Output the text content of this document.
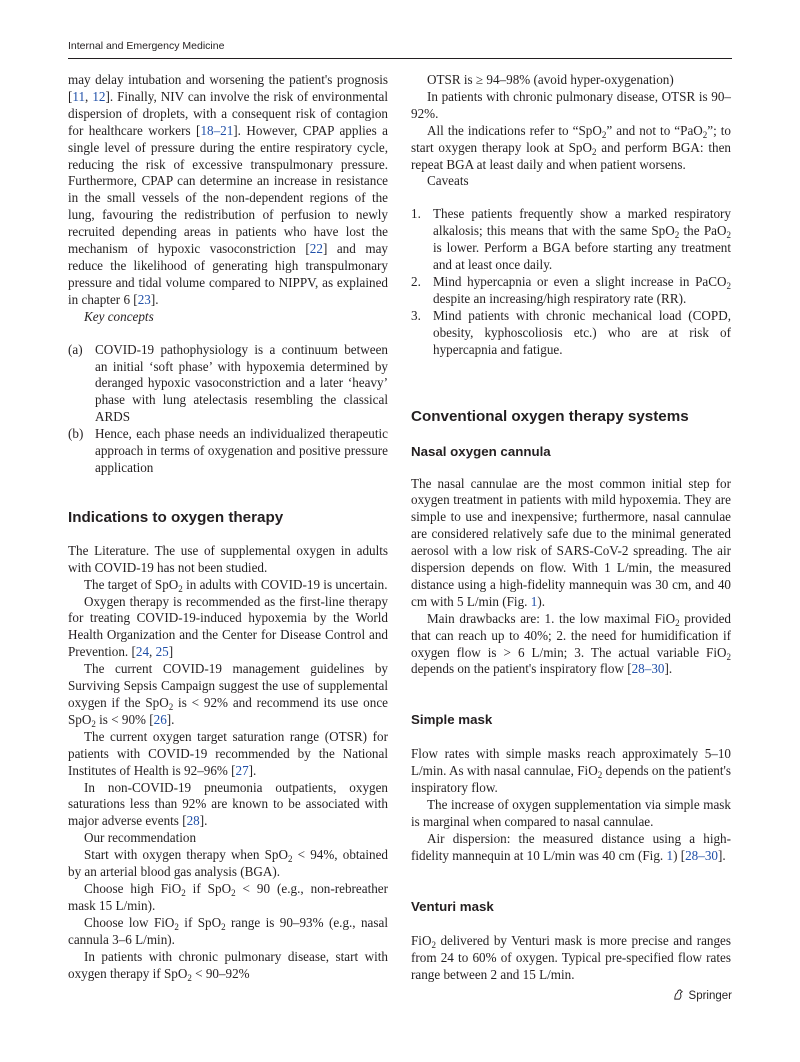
Internal and Emergency Medicine

may delay intubation and worsening the patient's prognosis [11, 12]. Finally, NIV can involve the risk of environmental dispersion of droplets, with a consequent risk of contagion for healthcare workers [18–21]. However, CPAP applies a single level of pressure during the entire respiratory cycle, reducing the risk of excessive transpulmonary pressure. Furthermore, CPAP can determine an increase in resistance in the small vessels of the non-dependent regions of the lung, favouring the redistribution of perfusion to newly recruited depending areas in patients who have lost the mechanism of hypoxic vasoconstriction [22] and may reduce the likelihood of generating high transpulmonary pressure and tidal volume compared to NIPPV, as explained in chapter 6 [23].

Key concepts

(a) COVID-19 pathophysiology is a continuum between an initial ‘soft phase’ with hypoxemia determined by deranged hypoxic vasoconstriction and a later ‘heavy’ phase with lung atelectasis resembling the classical ARDS
(b) Hence, each phase needs an individualized therapeutic approach in terms of oxygenation and positive pressure application
Indications to oxygen therapy

The Literature. The use of supplemental oxygen in adults with COVID-19 has not been studied.

The target of SpO$_2$ in adults with COVID-19 is uncertain.

Oxygen therapy is recommended as the first-line therapy for treating COVID-19-induced hypoxemia by the World Health Organization and the Center for Disease Control and Prevention. [24, 25]

The current COVID-19 management guidelines by Surviving Sepsis Campaign suggest the use of supplemental oxygen if the SpO$_2$ is < 92% and recommend its use once SpO$_2$ is < 90% [26].

The current oxygen target saturation range (OTSR) for patients with COVID-19 recommended by the National Institutes of Health is 92–96% [27].

In non-COVID-19 pneumonia outpatients, oxygen saturations less than 92% are known to be associated with major adverse events [28].

Our recommendation

Start with oxygen therapy when SpO$_2$ < 94%, obtained by an arterial blood gas analysis (BGA).

Choose high FiO$_2$ if SpO$_2$ < 90 (e.g., non-rebreather mask 15 L/min).

Choose low FiO$_2$ if SpO$_2$ range is 90–93% (e.g., nasal cannula 3–6 L/min).

In patients with chronic pulmonary disease, start with oxygen therapy if SpO$_2$ < 90–92%

OTSR is ≥ 94–98% (avoid hyper-oxygenation)

In patients with chronic pulmonary disease, OTSR is 90–92%.

All the indications refer to “SpO$_2$” and not to “PaO$_2$”; to start oxygen therapy look at SpO$_2$ and perform BGA: then repeat BGA at least daily and when patient worsens.

Caveats

1. These patients frequently show a marked respiratory alkalosis; this means that with the same SpO$_2$ the PaO$_2$ is lower. Perform a BGA before starting any treatment and at least once daily.
2. Mind hypercapnia or even a slight increase in PaCO$_2$ despite an increasing/high respiratory rate (RR).
3. Mind patients with chronic mechanical load (COPD, obesity, kyphoscoliosis etc.) who are at risk of hypercapnia and fatigue.
Conventional oxygen therapy systems
Nasal oxygen cannula

The nasal cannulae are the most common initial step for oxygen treatment in patients with mild hypoxemia. They are simple to use and inexpensive; furthermore, nasal cannulae are considered relatively safe due to the minimal generated aerosol with a low risk of SARS-CoV-2 spreading. The air dispersion depends on flow. With 1 L/min, the measured distance using a high-fidelity mannequin was 30 cm, and 40 cm with 5 L/min (Fig. 1).

Main drawbacks are: 1. the low maximal FiO$_2$ provided that can reach up to 40%; 2. the need for humidification if oxygen flow is > 6 L/min; 3. The actual variable FiO$_2$ depends on the patient's inspiratory flow [28–30].

Simple mask

Flow rates with simple masks reach approximately 5–10 L/min. As with nasal cannulae, FiO$_2$ depends on the patient's inspiratory flow.

The increase of oxygen supplementation via simple mask is marginal when compared to nasal cannulae.

Air dispersion: the measured distance using a high-fidelity mannequin at 10 L/min was 40 cm (Fig. 1) [28–30].

Venturi mask

FiO$_2$ delivered by Venturi mask is more precise and ranges from 24 to 60% of oxygen. Typical pre-specified flow rates range between 2 and 15 L/min.

Springer
